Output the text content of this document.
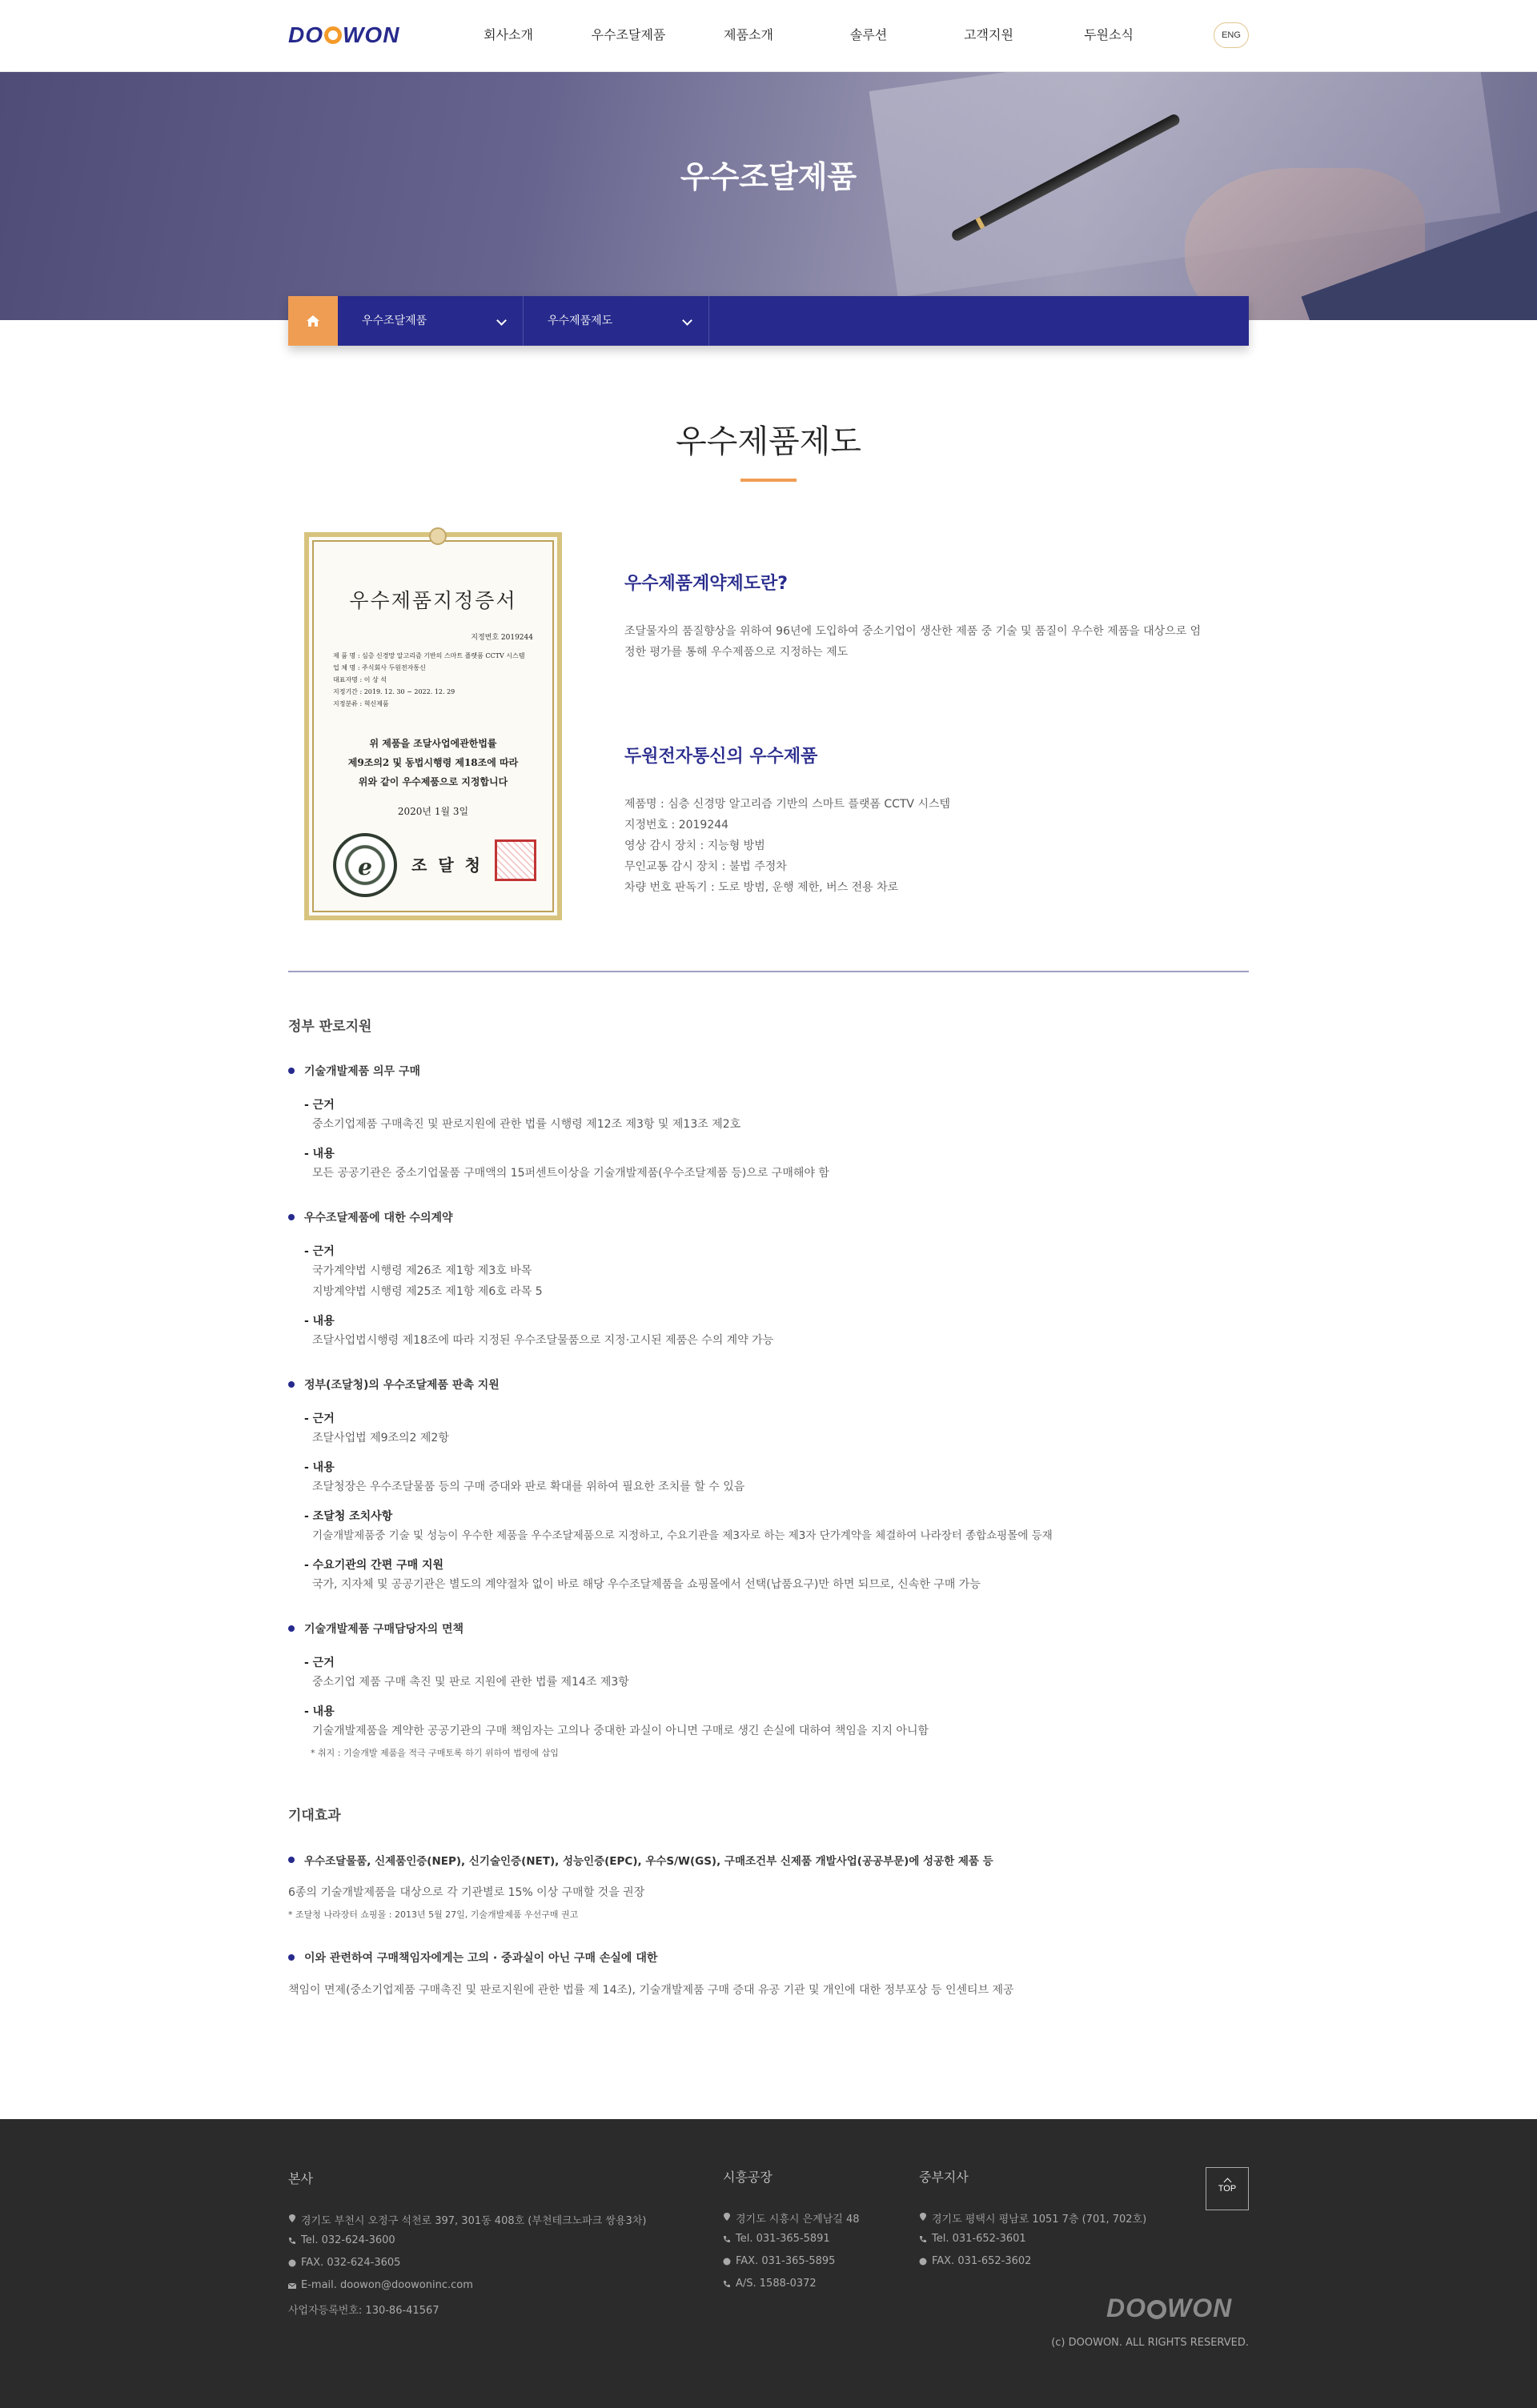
DO WON	회사소개	우수조달제품	제품소개	솔루션	고객지원	두원소식	ENG
우수조달제품
우수조달제품	우수제품제도
우수제품제도
우수제품지정증서
지정번호 2019244
제 품 명 : 심층 신경망 알고리즘 기반의 스마트 플랫폼 CCTV 시스템
업 체 명 : 주식회사 두원전자통신
대표자명 : 이 상 석
지정기간 : 2019. 12. 30 ~ 2022. 12. 29
지정분류 : 혁신제품
위 제품을 조달사업에관한법률
제9조의2 및 동법시행령 제18조에 따라
위와 같이 우수제품으로 지정합니다
2020년 1월 3일
e	조달청
우수제품계약제도란?
조달물자의 품질향상을 위하여 96년에 도입하여 중소기업이 생산한 제품 중 기술 및 품질이 우수한 제품을 대상으로 엄
정한 평가를 통해 우수제품으로 지정하는 제도
두원전자통신의 우수제품
제품명 : 심층 신경망 알고리즘 기반의 스마트 플랫폼 CCTV 시스템
지정번호 : 2019244
영상 감시 장치 : 지능형 방범
무인교통 감시 장치 : 불법 주정차
차량 번호 판독기 : 도로 방범, 운행 제한, 버스 전용 차로
정부 판로지원
기술개발제품 의무 구매
- 근거
중소기업제품 구매촉진 및 판로지원에 관한 법률 시행령 제12조 제3항 및 제13조 제2호
- 내용
모든 공공기관은 중소기업물품 구매액의 15퍼센트이상을 기술개발제품(우수조달제품 등)으로 구매해야 함
우수조달제품에 대한 수의계약
- 근거
국가계약법 시행령 제26조 제1항 제3호 바목
지방계약법 시행령 제25조 제1항 제6호 라목 5
- 내용
조달사업법시행령 제18조에 따라 지정된 우수조달물품으로 지정·고시된 제품은 수의 계약 가능
정부(조달청)의 우수조달제품 판촉 지원
- 근거
조달사업법 제9조의2 제2항
- 내용
조달청장은 우수조달물품 등의 구매 증대와 판로 확대를 위하여 필요한 조치를 할 수 있음
- 조달청 조치사항
기술개발제품중 기술 및 성능이 우수한 제품을 우수조달제품으로 지정하고, 수요기관을 제3자로 하는 제3자 단가계약을 체결하여 나라장터 종합쇼핑몰에 등재
- 수요기관의 간편 구매 지원
국가, 지자체 및 공공기관은 별도의 계약절차 없이 바로 해당 우수조달제품을 쇼핑몰에서 선택(납품요구)만 하면 되므로, 신속한 구매 가능
기술개발제품 구매담당자의 면책
- 근거
중소기업 제품 구매 촉진 및 판로 지원에 관한 법률 제14조 제3항
- 내용
기술개발제품을 계약한 공공기관의 구매 책임자는 고의나 중대한 과실이 아니면 구매로 생긴 손실에 대하여 책임을 지지 아니함
* 취지 : 기술개발 제품을 적극 구매토록 하기 위하여 법령에 삽입
기대효과
우수조달물품, 신제품인증(NEP), 신기술인증(NET), 성능인증(EPC), 우수S/W(GS), 구매조건부 신제품 개발사업(공공부문)에 성공한 제품 등
6종의 기술개발제품을 대상으로 각 기관별로 15% 이상 구매할 것을 권장
* 조달청 나라장터 쇼핑몰 : 2013년 5월 27일, 기술개발제품 우선구매 권고
이와 관련하여 구매책임자에게는 고의 · 중과실이 아닌 구매 손실에 대한
책임이 면제(중소기업제품 구매촉진 및 판로지원에 관한 법률 제 14조), 기술개발제품 구매 증대 유공 기관 및 개인에 대한 정부포상 등 인센티브 제공
본사
경기도 부천시 오정구 석천로 397, 301동 408호 (부천테크노파크 쌍용3차)
Tel. 032-624-3600
FAX. 032-624-3605
E-mail. doowon@doowoninc.com
사업자등록번호: 130-86-41567
시흥공장
경기도 시흥시 은계남길 48
Tel. 031-365-5891
FAX. 031-365-5895
A/S. 1588-0372
중부지사
경기도 평택시 평남로 1051 7층 (701, 702호)
Tel. 031-652-3601
FAX. 031-652-3602
TOP
DO WON
(c) DOOWON. ALL RIGHTS RESERVED.
